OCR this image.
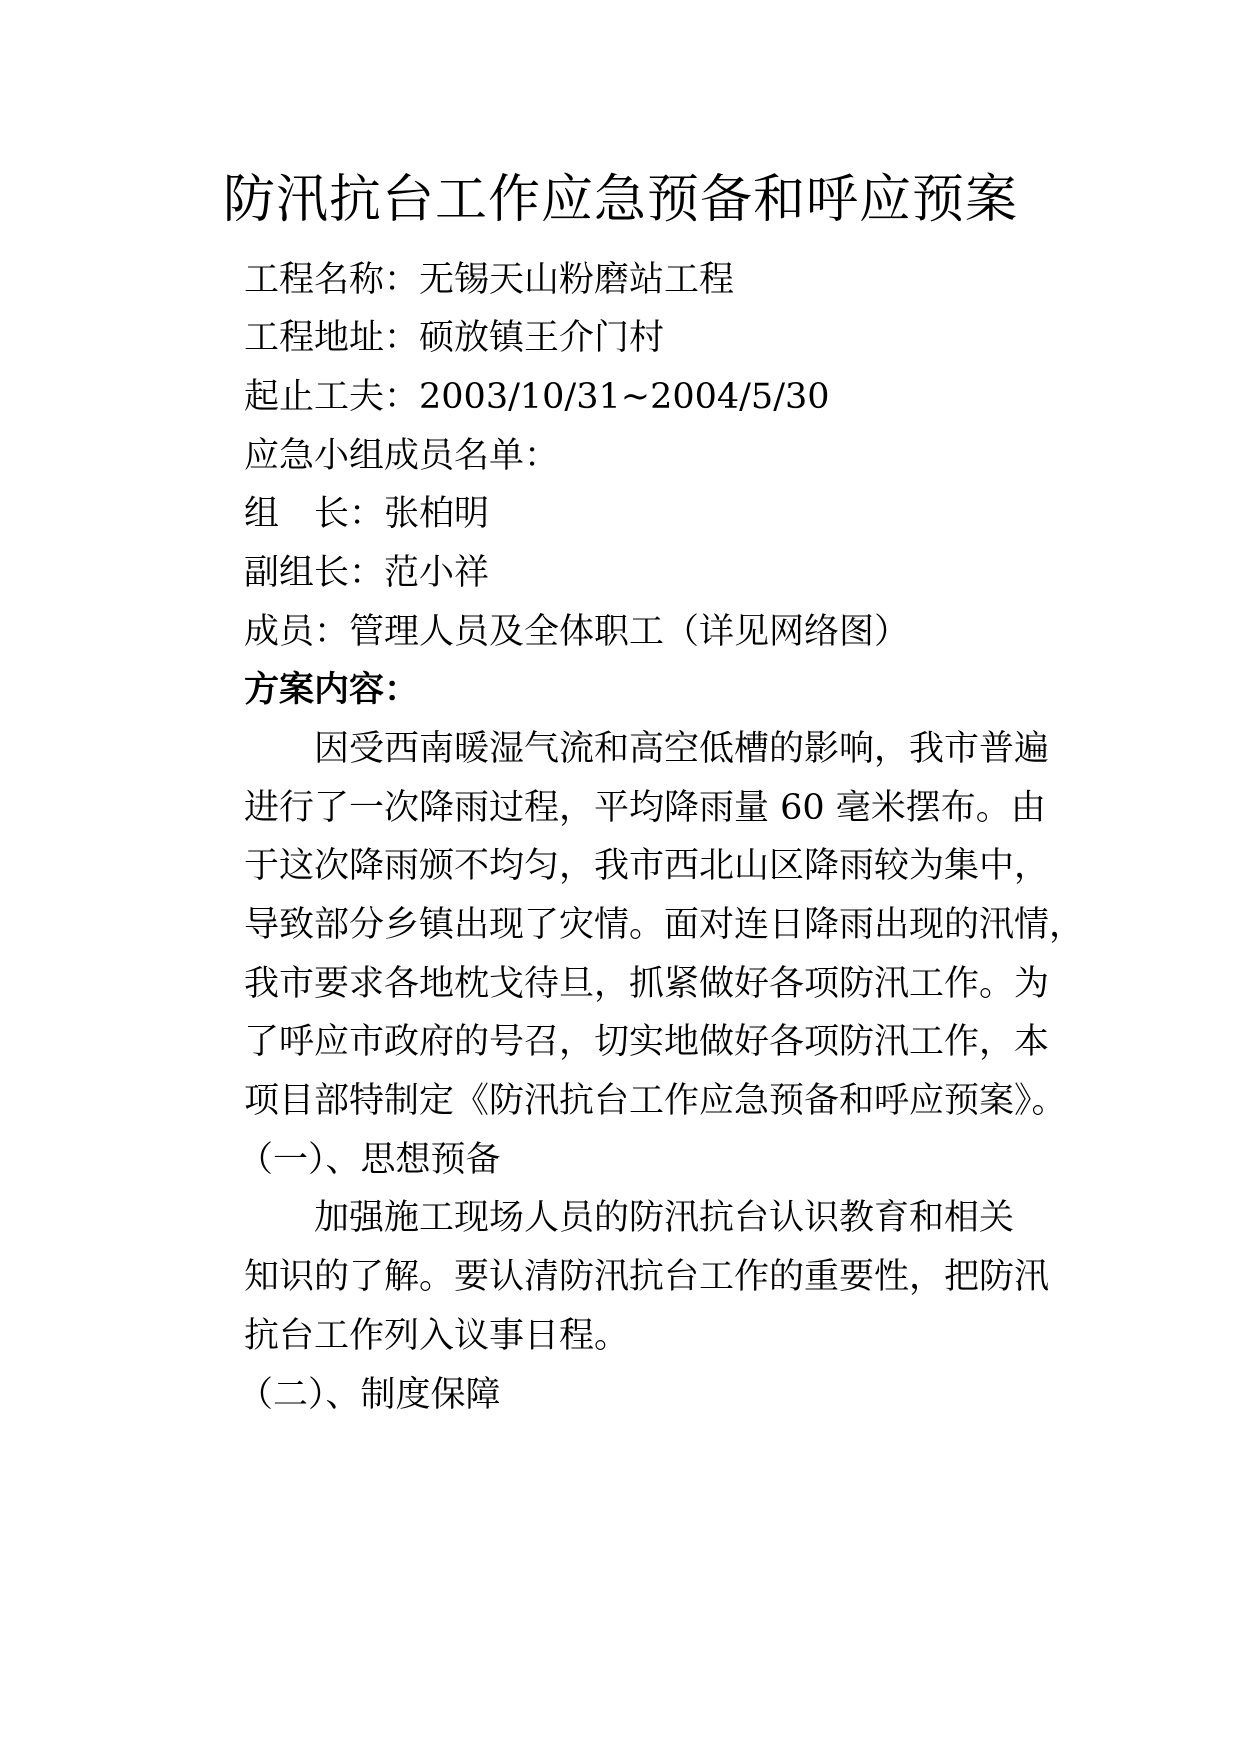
防汛抗台工作应急预备和呼应预案

工程名称：无锡天山粉磨站工程

工程地址：硕放镇王介门村

起止工夫：2003/10/31~2004/5/30

应急小组成员名单：

组　长：张柏明

副组长：范小祥

成员：管理人员及全体职工（详见网络图）

方案内容：

因受西南暖湿气流和高空低槽的影响，我市普遍

进行了一次降雨过程，平均降雨量 60 毫米摆布。由

于这次降雨颁不均匀，我市西北山区降雨较为集中，

导致部分乡镇出现了灾情。面对连日降雨出现的汛情，

我市要求各地枕戈待旦，抓紧做好各项防汛工作。为

了呼应市政府的号召，切实地做好各项防汛工作，本

项目部特制定《防汛抗台工作应急预备和呼应预案》。

（一）、思想预备

加强施工现场人员的防汛抗台认识教育和相关

知识的了解。要认清防汛抗台工作的重要性，把防汛

抗台工作列入议事日程。

（二）、制度保障
